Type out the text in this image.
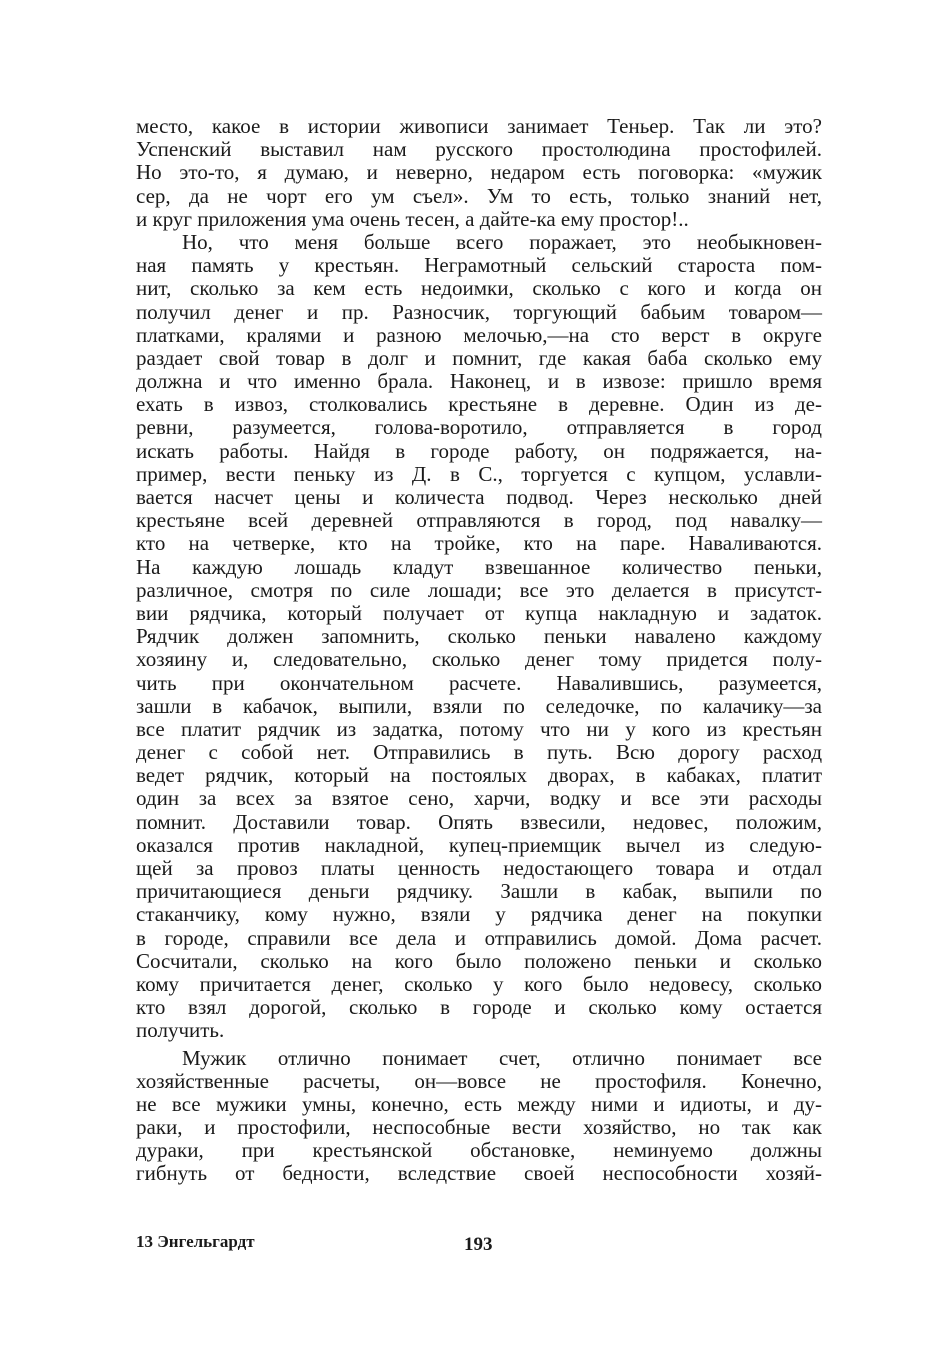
место, какое в истории живописи занимает Теньер. Так ли это?
Успенский выставил нам русского простолюдина простофилей.
Но это-то, я думаю, и неверно, недаром есть поговорка: «мужик
сер, да не чорт его ум съел». Ум то есть, только знаний нет,
и круг приложения ума очень тесен, а дайте-ка ему простор!..
Но, что меня больше всего поражает, это необыкновен-
ная память у крестьян. Неграмотный сельский староста пом-
нит, сколько за кем есть недоимки, сколько с кого и когда он
получил денег и пр. Разносчик, торгующий бабьим товаром—
платками, кралями и разною мелочью,—на сто верст в округе
раздает свой товар в долг и помнит, где какая баба сколько ему
должна и что именно брала. Наконец, и в извозе: пришло время
ехать в извоз, столковались крестьяне в деревне. Один из де-
ревни, разумеется, голова-воротило, отправляется в город
искать работы. Найдя в городе работу, он подряжается, на-
пример, вести пеньку из Д. в С., торгуется с купцом, уславли-
вается насчет цены и количеста подвод. Через несколько дней
крестьяне всей деревней отправляются в город, под навалку—
кто на четверке, кто на тройке, кто на паре. Наваливаются.
На каждую лошадь кладут взвешанное количество пеньки,
различное, смотря по силе лошади; все это делается в присутст-
вии рядчика, который получает от купца накладную и задаток.
Рядчик должен запомнить, сколько пеньки навалено каждому
хозяину и, следовательно, сколько денег тому придется полу-
чить при окончательном расчете. Навалившись, разумеется,
зашли в кабачок, выпили, взяли по селедочке, по калачику—за
все платит рядчик из задатка, потому что ни у кого из крестьян
денег с собой нет. Отправились в путь. Всю дорогу расход
ведет рядчик, который на постоялых дворах, в кабаках, платит
один за всех за взятое сено, харчи, водку и все эти расходы
помнит. Доставили товар. Опять взвесили, недовес, положим,
оказался против накладной, купец-приемщик вычел из следую-
щей за провоз платы ценность недостающего товара и отдал
причитающиеся деньги рядчику. Зашли в кабак, выпили по
стаканчику, кому нужно, взяли у рядчика денег на покупки
в городе, справили все дела и отправились домой. Дома расчет.
Сосчитали, сколько на кого было положено пеньки и сколько
кому причитается денег, сколько у кого было недовесу, сколько
кто взял дорогой, сколько в городе и сколько кому остается
получить.
Мужик отлично понимает счет, отлично понимает все
хозяйственные расчеты, он—вовсе не простофиля. Конечно,
не все мужики умны, конечно, есть между ними и идиоты, и ду-
раки, и простофили, неспособные вести хозяйство, но так как
дураки, при крестьянской обстановке, неминуемо должны
гибнуть от бедности, вследствие своей неспособности хозяй-
13 Энгельгардт	193
